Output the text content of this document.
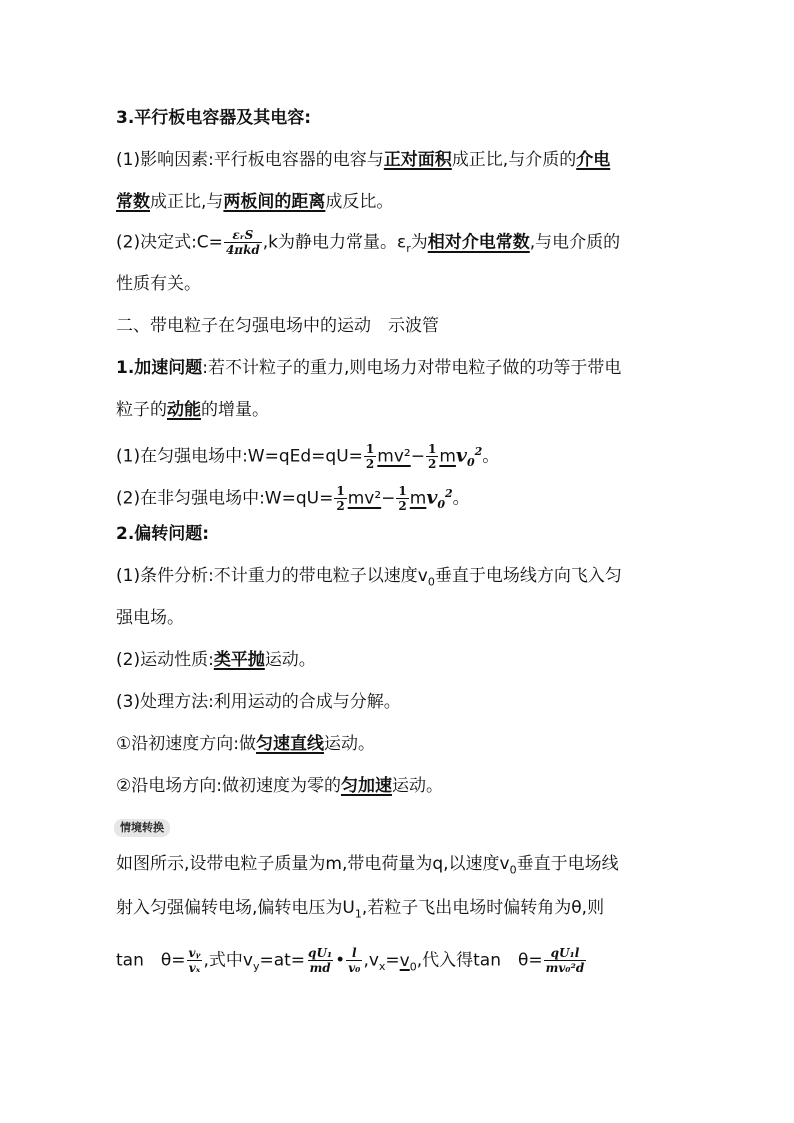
3.平行板电容器及其电容:
(1)影响因素:平行板电容器的电容与正对面积成正比,与介质的介电
常数成正比,与两板间的距离成反比。
(2)决定式:C= $\frac{\text{εᵣS}}{\text{4πkd}} ,k$为静电力常量。$\varepsilon_r$为相对介电常数,与电介质的
性质有关。
二、带电粒子在匀强电场中的运动　示波管
1.加速问题:若不计粒子的重力,则电场力对带电粒子做的功等于带电
粒子的动能的增量。
(1)在匀强电场中:W=qEd=qU= $\frac{1}{2} mv^2- \frac{1}{2} mv_0^2$。
(2)在非匀强电场中:W=qU= $\frac{1}{2} mv^2- \frac{1}{2} mv_0^2$。
2.偏转问题:
(1)条件分析:不计重力的带电粒子以速度$v_0$垂直于电场线方向飞入匀
强电场。
(2)运动性质:类平抛运动。
(3)处理方法:利用运动的合成与分解。
①沿初速度方向:做匀速直线运动。
②沿电场方向:做初速度为零的匀加速运动。
情境转换
如图所示,设带电粒子质量为m,带电荷量为q,以速度$v_0$垂直于电场线
射入匀强偏转电场,偏转电压为$U_1$,若粒子飞出电场时偏转角为θ,则
tan　$\theta= \frac{\text{vᵧ}}{\text{vₓ}}$ ,式中$v_y=at= \frac{\text{qU₁}}{md}$ • $\frac{l}{\text{v₀}} ,v_x=v_0$,代入得tan　$\theta= \frac{\text{qU₁l}}{\text{mv₀²d}}$
